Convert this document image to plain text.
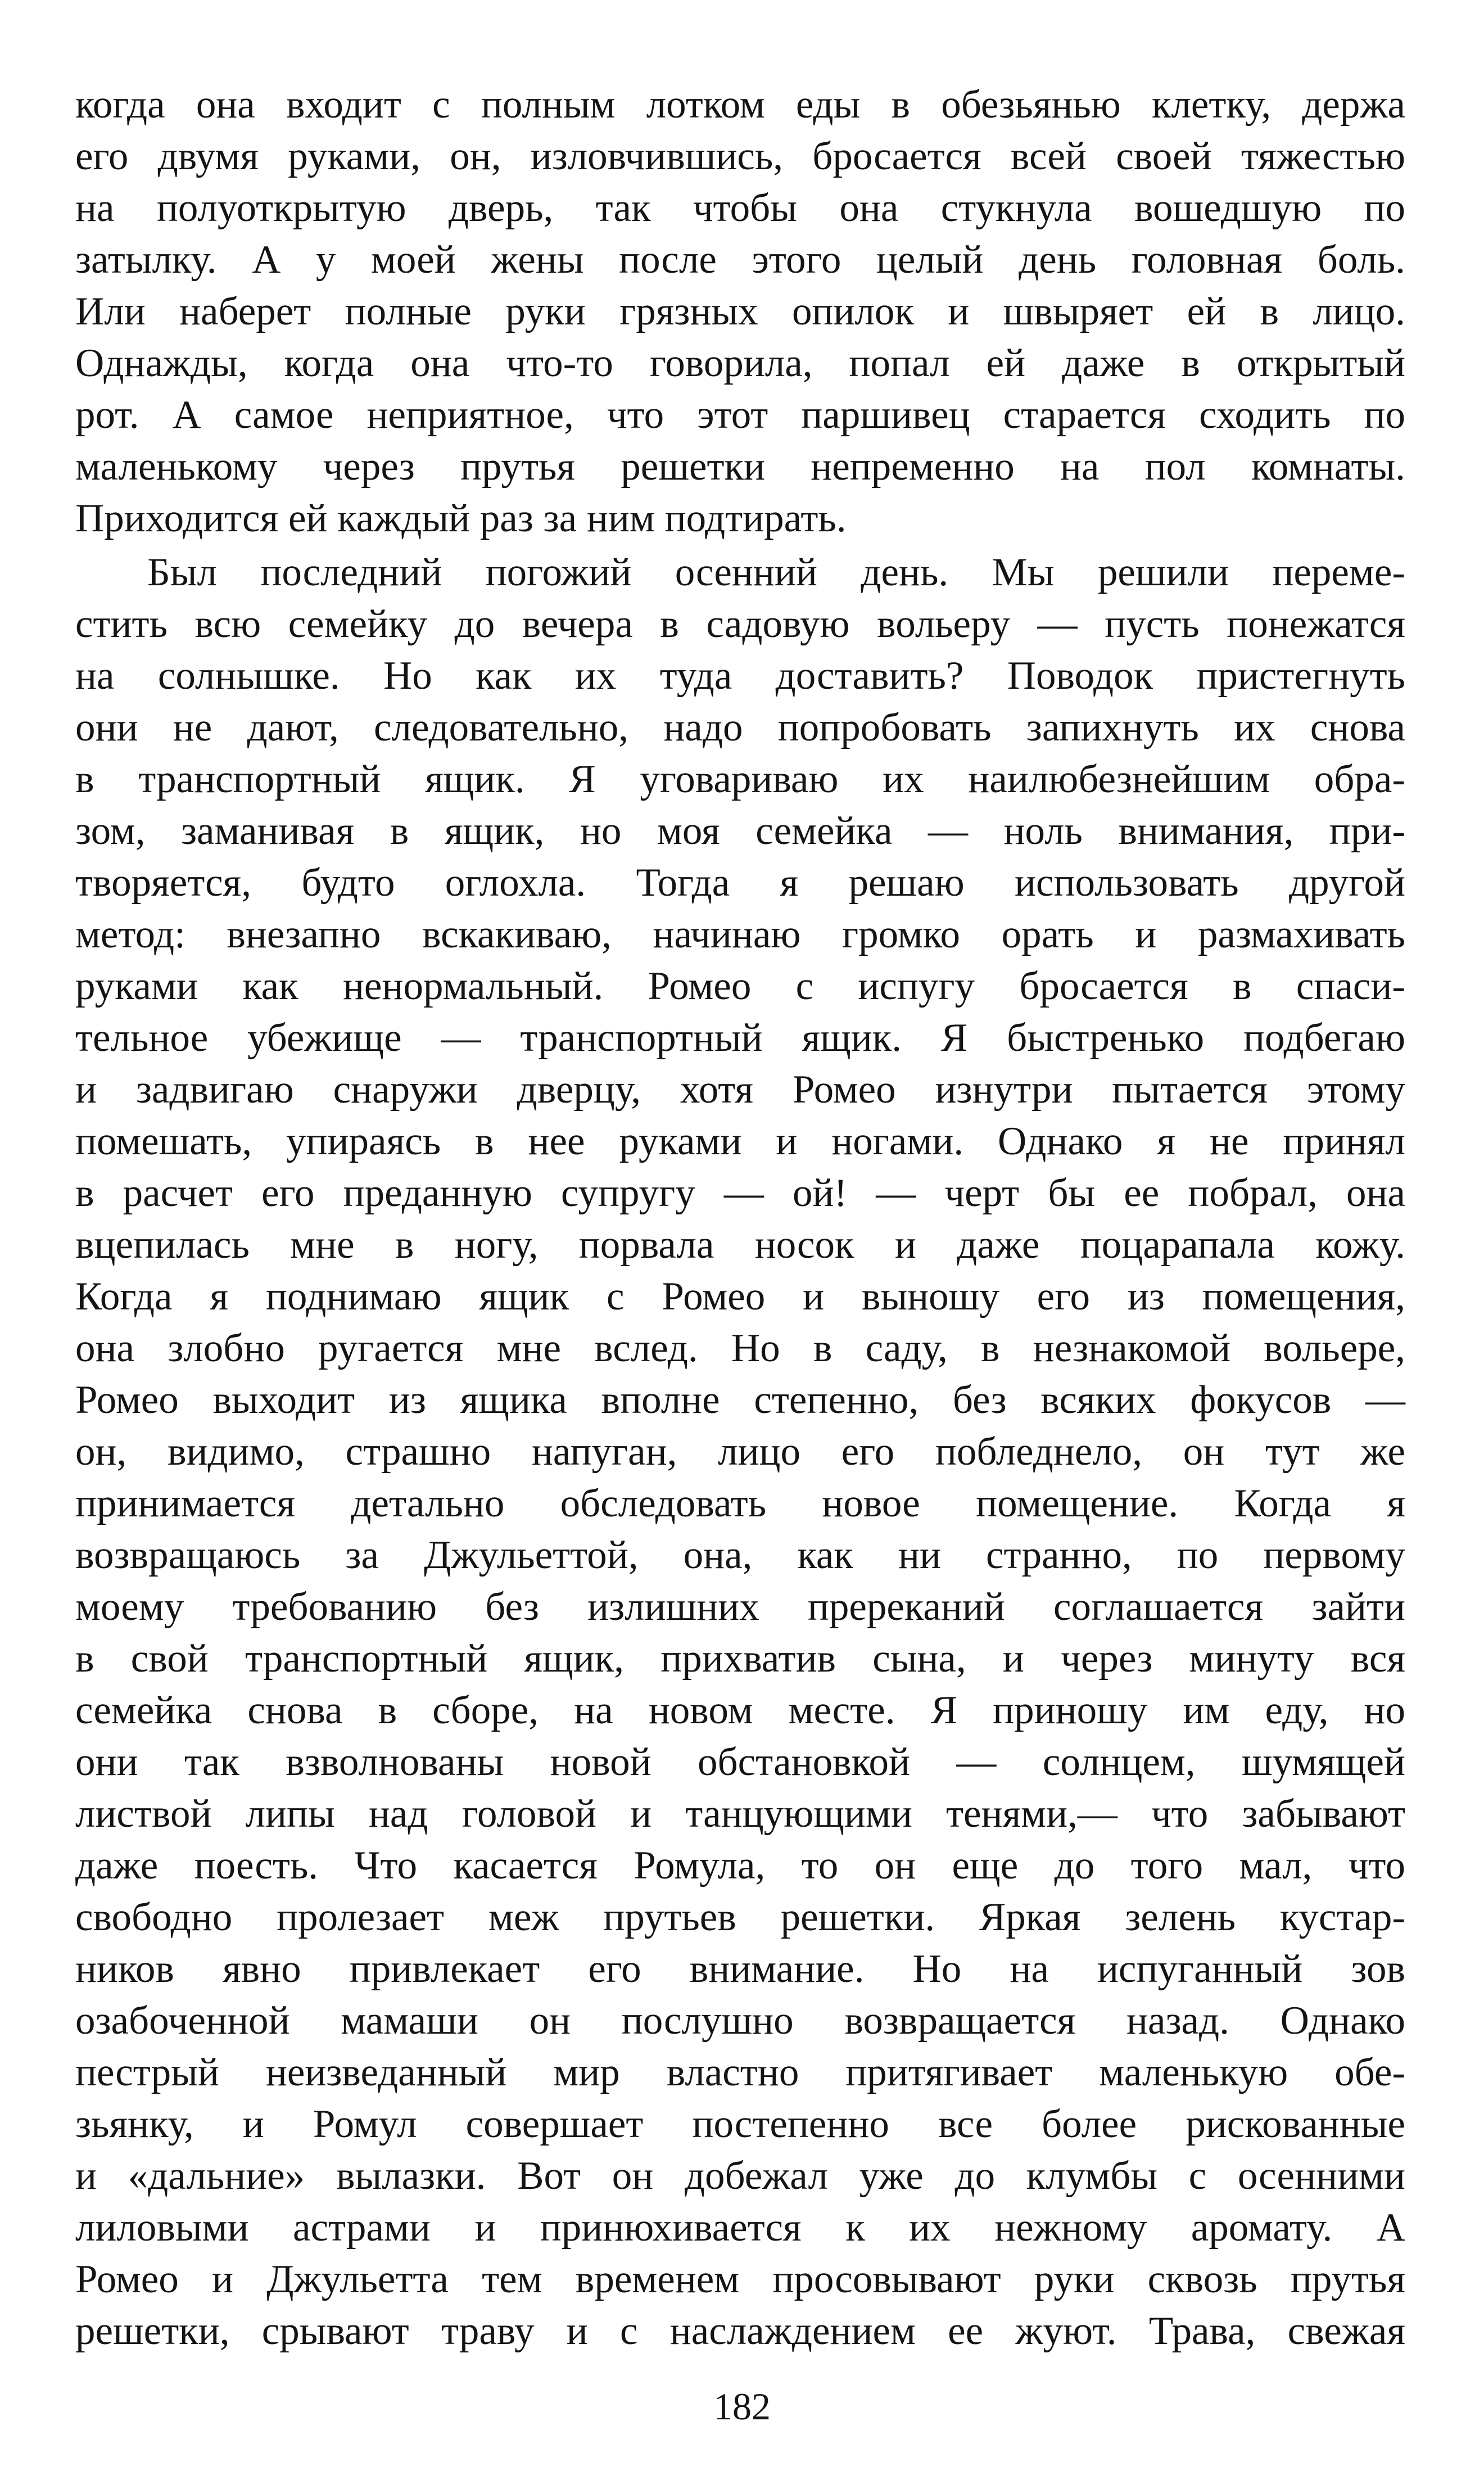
когда она входит с полным лотком еды в обезьянью клетку, держа
его двумя руками, он, изловчившись, бросается всей своей тяжестью
на полуоткрытую дверь, так чтобы она стукнула вошедшую по
затылку. А у моей жены после этого целый день головная боль.
Или наберет полные руки грязных опилок и швыряет ей в лицо.
Однажды, когда она что-то говорила, попал ей даже в открытый
рот. А самое неприятное, что этот паршивец старается сходить по
маленькому через прутья решетки непременно на пол комнаты.
Приходится ей каждый раз за ним подтирать.
Был последний погожий осенний день. Мы решили переме-
стить всю семейку до вечера в садовую вольеру — пусть понежатся
на солнышке. Но как их туда доставить? Поводок пристегнуть
они не дают, следовательно, надо попробовать запихнуть их снова
в транспортный ящик. Я уговариваю их наилюбезнейшим обра-
зом, заманивая в ящик, но моя семейка — ноль внимания, при-
творяется, будто оглохла. Тогда я решаю использовать другой
метод: внезапно вскакиваю, начинаю громко орать и размахивать
руками как ненормальный. Ромео с испугу бросается в спаси-
тельное убежище — транспортный ящик. Я быстренько подбегаю
и задвигаю снаружи дверцу, хотя Ромео изнутри пытается этому
помешать, упираясь в нее руками и ногами. Однако я не принял
в расчет его преданную супругу — ой! — черт бы ее побрал, она
вцепилась мне в ногу, порвала носок и даже поцарапала кожу.
Когда я поднимаю ящик с Ромео и выношу его из помещения,
она злобно ругается мне вслед. Но в саду, в незнакомой вольере,
Ромео выходит из ящика вполне степенно, без всяких фокусов —
он, видимо, страшно напуган, лицо его побледнело, он тут же
принимается детально обследовать новое помещение. Когда я
возвращаюсь за Джульеттой, она, как ни странно, по первому
моему требованию без излишних пререканий соглашается зайти
в свой транспортный ящик, прихватив сына, и через минуту вся
семейка снова в сборе, на новом месте. Я приношу им еду, но
они так взволнованы новой обстановкой — солнцем, шумящей
листвой липы над головой и танцующими тенями,— что забывают
даже поесть. Что касается Ромула, то он еще до того мал, что
свободно пролезает меж прутьев решетки. Яркая зелень кустар-
ников явно привлекает его внимание. Но на испуганный зов
озабоченной мамаши он послушно возвращается назад. Однако
пестрый неизведанный мир властно притягивает маленькую обе-
зьянку, и Ромул совершает постепенно все более рискованные
и «дальние» вылазки. Вот он добежал уже до клумбы с осенними
лиловыми астрами и принюхивается к их нежному аромату. А
Ромео и Джульетта тем временем просовывают руки сквозь прутья
решетки, срывают траву и с наслаждением ее жуют. Трава, свежая
182
